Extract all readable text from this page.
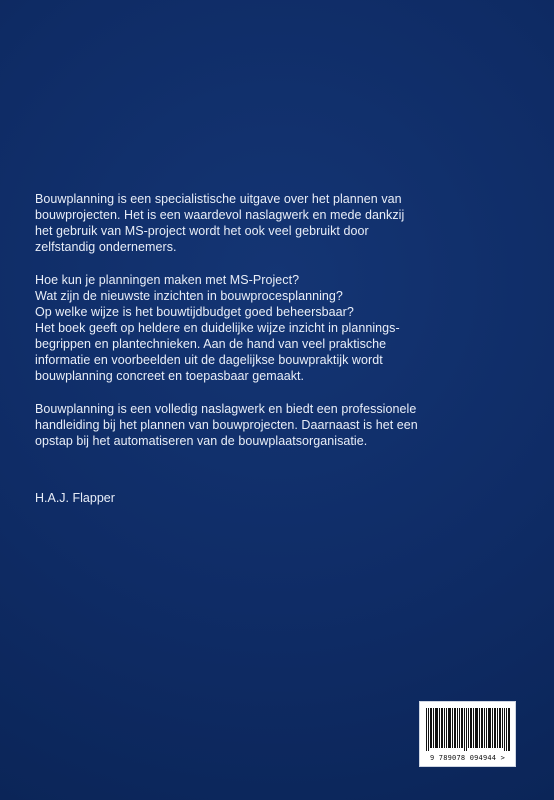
Bouwplanning is een specialistische uitgave over het plannen van
bouwprojecten. Het is een waardevol naslagwerk en mede dankzij
het gebruik van MS-project wordt het ook veel gebruikt door
zelfstandig ondernemers.

Hoe kun je planningen maken met MS-Project?
Wat zijn de nieuwste inzichten in bouwprocesplanning?
Op welke wijze is het bouwtijdbudget goed beheersbaar?
Het boek geeft op heldere en duidelijke wijze inzicht in plannings-
begrippen en plantechnieken. Aan de hand van veel praktische
informatie en voorbeelden uit de dagelijkse bouwpraktijk wordt
bouwplanning concreet en toepasbaar gemaakt.

Bouwplanning is een volledig naslagwerk en biedt een professionele
handleiding bij het plannen van bouwprojecten. Daarnaast is het een
opstap bij het automatiseren van de bouwplaatsorganisatie.

H.A.J. Flapper
9 789078 094944 >
